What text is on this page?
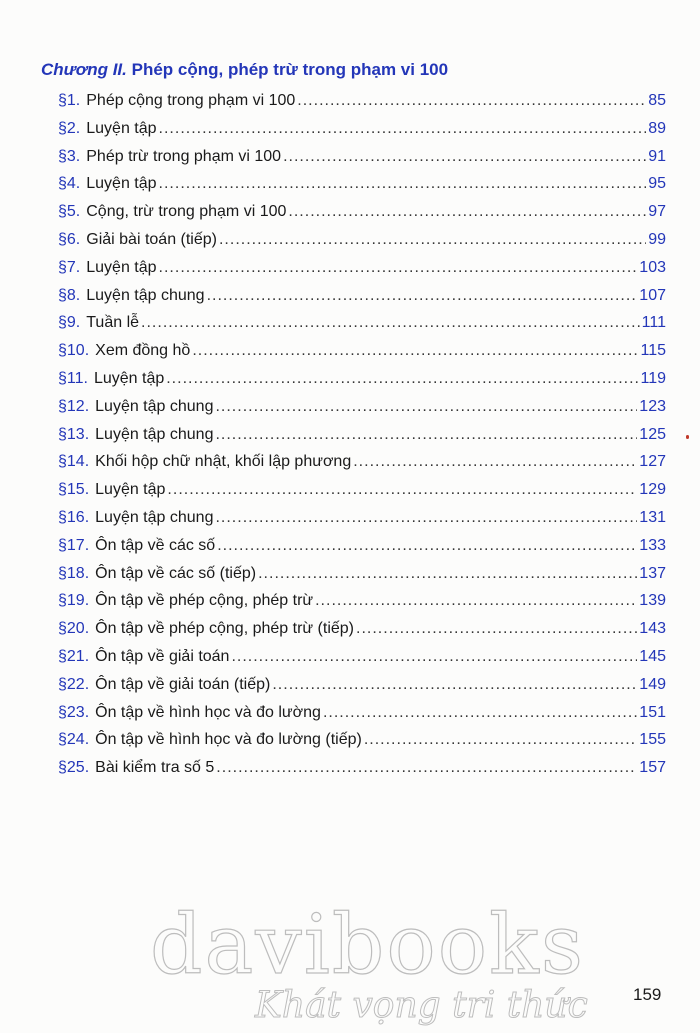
Chương II. Phép cộng, phép trừ trong phạm vi 100
§1. Phép cộng trong phạm vi 100 .....	85
§2. Luyện tập .....	89
§3. Phép trừ trong phạm vi 100 .....	91
§4. Luyện tập .....	95
§5. Cộng, trừ trong phạm vi 100 .....	97
§6. Giải bài toán (tiếp) .....	99
§7. Luyện tập .....	103
§8. Luyện tập chung .....	107
§9. Tuần lễ .....	111
§10. Xem đồng hồ .....	115
§11. Luyện tập .....	119
§12. Luyện tập chung .....	123
§13. Luyện tập chung .....	125
§14. Khối hộp chữ nhật, khối lập phương .....	127
§15. Luyện tập .....	129
§16. Luyện tập chung .....	131
§17. Ôn tập về các số .....	133
§18. Ôn tập về các số (tiếp) .....	137
§19. Ôn tập về phép cộng, phép trừ .....	139
§20. Ôn tập về phép cộng, phép trừ (tiếp) .....	143
§21. Ôn tập về giải toán .....	145
§22. Ôn tập về giải toán (tiếp) .....	149
§23. Ôn tập về hình học và đo lường .....	151
§24. Ôn tập về hình học và đo lường (tiếp) .....	155
§25. Bài kiểm tra số 5 .....	157
davibooks
Khát vọng tri thức	159
